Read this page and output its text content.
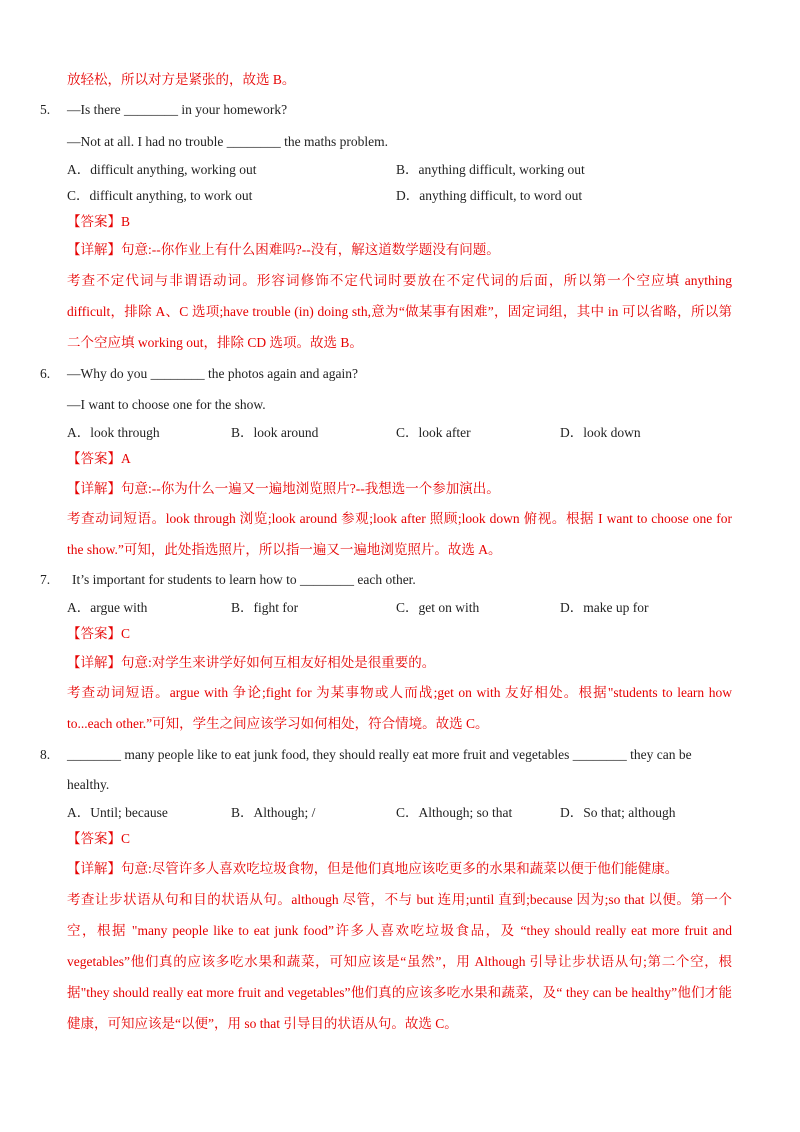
放轻松，所以对方是紧张的，故选 B。
5. —Is there ________ in your homework?
—Not at all. I had no trouble ________ the maths problem.
A．difficult anything, working out	B．anything difficult, working out
C．difficult anything, to work out	D．anything difficult, to word out
【答案】B
【详解】句意:--你作业上有什么困难吗?--没有，解这道数学题没有问题。
考查不定代词与非谓语动词。形容词修饰不定代词时要放在不定代词的后面，所以第一个空应填 anything difficult，排除 A、C 选项;have trouble (in) doing sth,意为“做某事有困难”，固定词组，其中 in 可以省略，所以第二个空应填 working out，排除 CD 选项。故选 B。
6. —Why do you ________ the photos again and again?
—I want to choose one for the show.
A．look through	B．look around	C．look after	D．look down
【答案】A
【详解】句意:--你为什么一遍又一遍地浏览照片?--我想选一个参加演出。
考查动词短语。look through 浏览;look around 参观;look after 照顾;look down 俯视。根据 I want to choose one for the show.”可知，此处指选照片，所以指一遍又一遍地浏览照片。故选 A。
7. It’s important for students to learn how to ________ each other.
A．argue with	B．fight for	C．get on with	D．make up for
【答案】C
【详解】句意:对学生来讲学好如何互相友好相处是很重要的。
考查动词短语。argue with 争论;fight for 为某事物或人而战;get on with 友好相处。根据"students to learn how to...each other.”可知，学生之间应该学习如何相处，符合情境。故选 C。
8. ________ many people like to eat junk food, they should really eat more fruit and vegetables ________ they can be
healthy.
A．Until; because	B．Although; /	C．Although; so that	D．So that; although
【答案】C
【详解】句意:尽管许多人喜欢吃垃圾食物，但是他们真地应该吃更多的水果和蔬菜以便于他们能健康。
考查让步状语从句和目的状语从句。although 尽管，不与 but 连用;until 直到;because 因为;so that 以便。第一个空，根据 "many people like to eat junk food”许多人喜欢吃垃圾食品，及 “they should really eat more fruit and vegetables”他们真的应该多吃水果和蔬菜，可知应该是“虽然”，用 Although 引导让步状语从句;第二个空，根据"they should really eat more fruit and vegetables”他们真的应该多吃水果和蔬菜，及“ they can be healthy”他们才能健康，可知应该是“以便”，用 so that 引导目的状语从句。故选 C。
